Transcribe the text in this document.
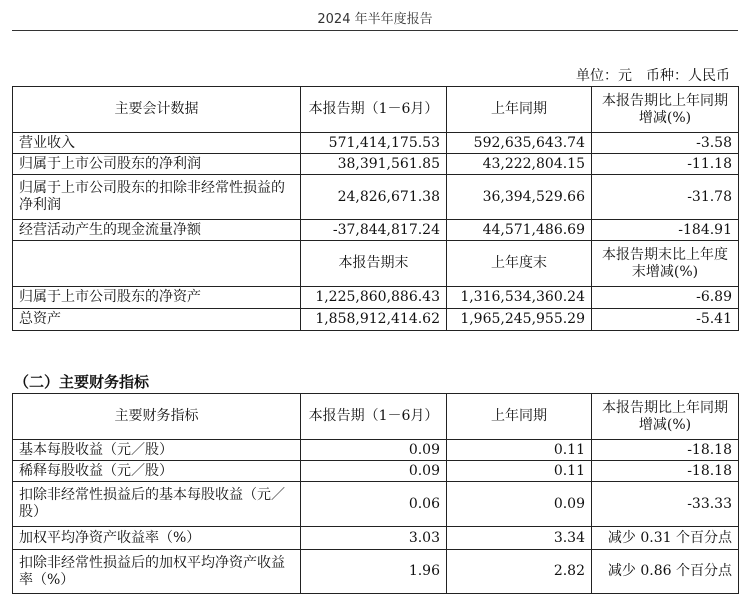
2024 年半年度报告
单位：元　币种：人民币
主要会计数据	本报告期（1－6月）	上年同期	本报告期比上年同期增减(%)
营业收入	571,414,175.53	592,635,643.74	-3.58
归属于上市公司股东的净利润	38,391,561.85	43,222,804.15	-11.18
归属于上市公司股东的扣除非经常性损益的净利润	24,826,671.38	36,394,529.66	-31.78
经营活动产生的现金流量净额	-37,844,817.24	44,571,486.69	-184.91
	本报告期末	上年度末	本报告期末比上年度末增减(%)
归属于上市公司股东的净资产	1,225,860,886.43	1,316,534,360.24	-6.89
总资产	1,858,912,414.62	1,965,245,955.29	-5.41
（二）主要财务指标
主要财务指标	本报告期（1－6月）	上年同期	本报告期比上年同期增减(%)
基本每股收益（元／股）	0.09	0.11	-18.18
稀释每股收益（元／股）	0.09	0.11	-18.18
扣除非经常性损益后的基本每股收益（元／股）	0.06	0.09	-33.33
加权平均净资产收益率（%）	3.03	3.34	减少 0.31 个百分点
扣除非经常性损益后的加权平均净资产收益率（%）	1.96	2.82	减少 0.86 个百分点
